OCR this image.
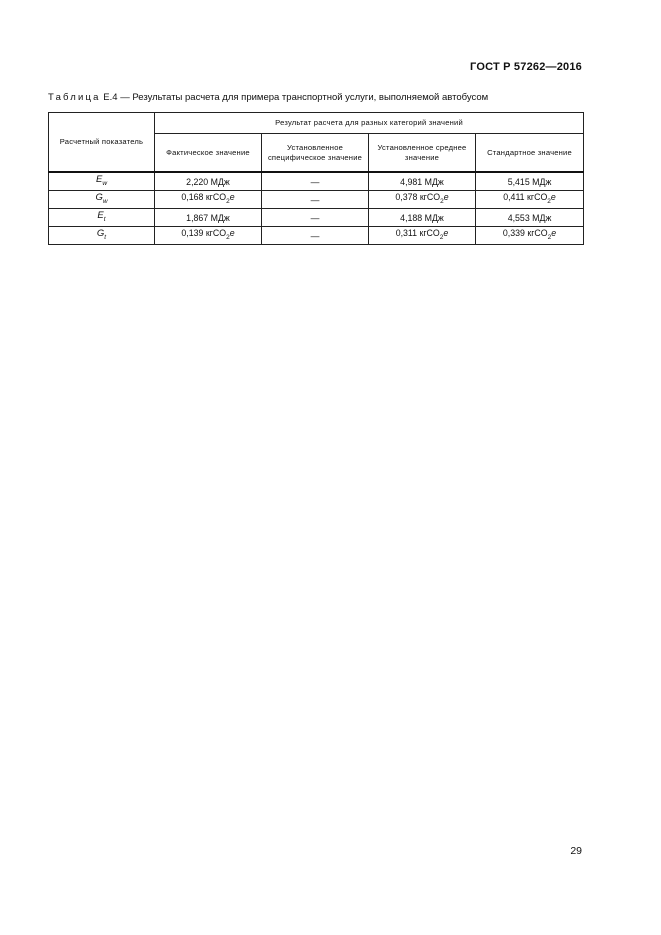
ГОСТ Р 57262—2016
Таблица Е.4 — Результаты расчета для примера транспортной услуги, выполняемой автобусом
Расчетный показатель	Результат расчета для разных категорий значений			
	Фактическое значение	Установленное специфическое значение	Установленное среднее значение	Стандартное значение
$E_w$	2,220 МДж	—	4,981 МДж	5,415 МДж
$G_w$	0,168 кгCO$_2$e	—	0,378 кгCO$_2$e	0,411 кгCO$_2$e
$E_t$	1,867 МДж	—	4,188 МДж	4,553 МДж
$G_t$	0,139 кгCO$_2$e	—	0,311 кгCO$_2$e	0,339 кгCO$_2$e
29
